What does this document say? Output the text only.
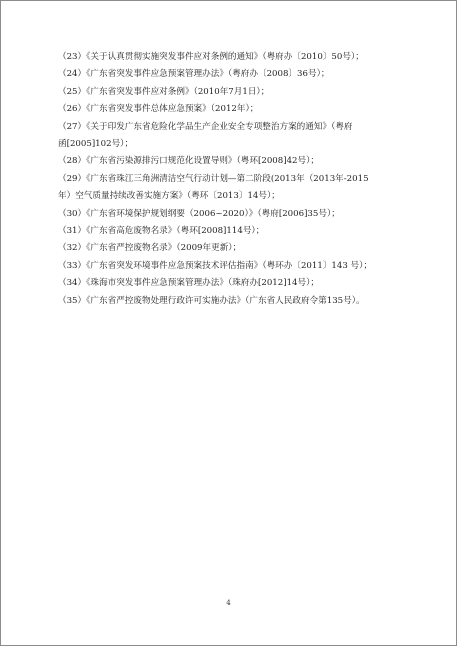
（23）《关于认真贯彻实施突发事件应对条例的通知》（粤府办〔2010〕50号）；
（24）《广东省突发事件应急预案管理办法》（粤府办〔2008〕36号）；
（25）《广东省突发事件应对条例》（2010年7月1日）；
（26）《广东省突发事件总体应急预案》（2012年）；
（27）《关于印发广东省危险化学品生产企业安全专项整治方案的通知》（粤府
函[2005]102号）；
（28）《广东省污染源排污口规范化设置导则》（粤环[2008]42号）；
（29）《广东省珠江三角洲清洁空气行动计划—第二阶段(2013年（2013年-2015
年）空气质量持续改善实施方案》（粤环〔2013〕14号）；
（30）《广东省环境保护规划纲要（2006~2020）》（粤府[2006]35号）；
（31）《广东省高危废物名录》（粤环[2008]114号）；
（32）《广东省严控废物名录》（2009年更新）；
（33）《广东省突发环境事件应急预案技术评估指南》（粤环办〔2011〕143 号）；
（34）《珠海市突发事件应急预案管理办法》（珠府办[2012]14号）；
（35）《广东省严控废物处理行政许可实施办法》（广东省人民政府令第135号）。
4
